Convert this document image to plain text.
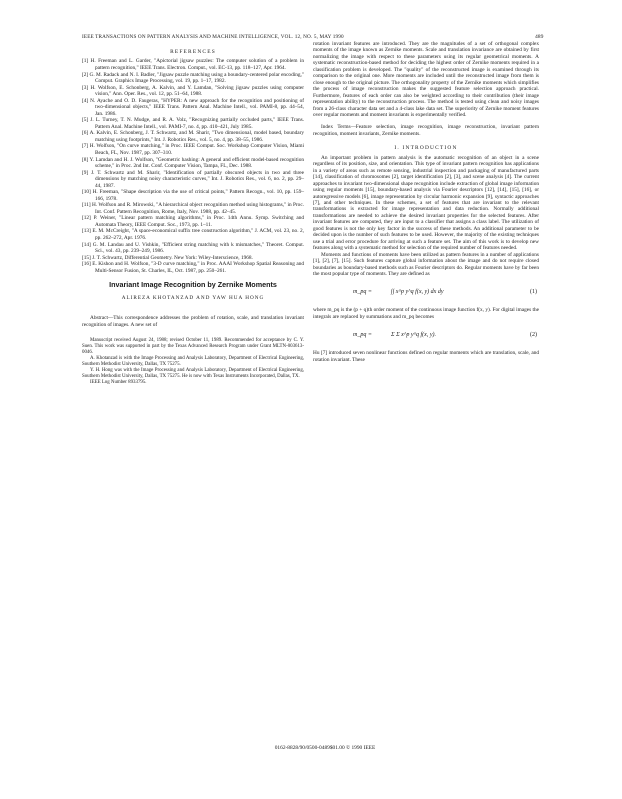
IEEE TRANSACTIONS ON PATTERN ANALYSIS AND MACHINE INTELLIGENCE, VOL. 12, NO. 5, MAY 1990	489
REFERENCES

[1] H. Freeman and L. Garder, "Apictorial jigsaw puzzles: The computer solution of a problem in pattern recognition," IEEE Trans. Electron. Comput., vol. EC-13, pp. 118–127, Apr. 1964.

[2] G. M. Radack and N. I. Badler, "Jigsaw puzzle matching using a boundary-centered polar encoding," Comput. Graphics Image Processing, vol. 19, pp. 1–17, 1982.

[3] H. Wolfson, E. Schonberg, A. Kalvin, and Y. Lamdan, "Solving jigsaw puzzles using computer vision," Ann. Oper. Res., vol. 12, pp. 51–64, 1988.

[4] N. Ayache and O. D. Faugeras, "HYPER: A new approach for the recognition and positioning of two-dimensional objects," IEEE Trans. Pattern Anal. Machine Intell., vol. PAMI-8, pp. 44–54, Jan. 1986.

[5] J. L. Turney, T. N. Mudge, and R. A. Volz, "Recognizing partially occluded parts," IEEE Trans. Pattern Anal. Machine Intell., vol. PAMI-7, no. 4, pp. 410–421, July 1985.

[6] A. Kalvin, E. Schonberg, J. T. Schwartz, and M. Sharir, "Two dimensional, model based, boundary matching using footprints," Int. J. Robotics Res., vol. 5, no. 4, pp. 38–55, 1986.

[7] H. Wolfson, "On curve matching," in Proc. IEEE Comput. Soc. Workshop Computer Vision, Miami Beach, FL, Nov. 1987, pp. 307–310.

[8] Y. Lamdan and H. J. Wolfson, "Geometric hashing: A general and efficient model-based recognition scheme," in Proc. 2nd Int. Conf. Computer Vision, Tampa, FL, Dec. 1988.

[9] J. T. Schwartz and M. Sharir, "Identification of partially obscured objects in two and three dimensions by matching noisy characteristic curves," Int. J. Robotics Res., vol. 6, no. 2, pp. 29–44, 1987.

[10] H. Freeman, "Shape description via the use of critical points," Pattern Recogn., vol. 10, pp. 159–166, 1978.

[11] H. Wolfson and R. Mirowski, "A hierarchical object recognition method using histograms," in Proc. Int. Conf. Pattern Recognition, Rome, Italy, Nov. 1988, pp. 42–45.

[12] P. Weiner, "Linear pattern matching algorithms," in Proc. 14th Annu. Symp. Switching and Automata Theory, IEEE Comput. Soc., 1973, pp. 1–11.

[13] E. M. McCreight, "A space-economical suffix tree construction algorithm," J. ACM, vol. 23, no. 2, pp. 262–272, Apr. 1976.

[14] G. M. Landau and U. Vishkin, "Efficient string matching with k mismatches," Theoret. Comput. Sci., vol. 43, pp. 239–249, 1986.

[15] J. T. Schwartz, Differential Geometry. New York: Wiley-Interscience, 1968.

[16] E. Kishon and H. Wolfson, "3-D curve matching," in Proc. AAAI Workshop Spatial Reasoning and Multi-Sensor Fusion, St. Charles, IL, Oct. 1987, pp. 250–261.

Invariant Image Recognition by Zernike Moments
ALIREZA KHOTANZAD AND YAW HUA HONG

Abstract—This correspondence addresses the problem of rotation, scale, and translation invariant recognition of images. A new set of

Manuscript received August 24, 1988; revised October 11, 1989. Recommended for acceptance by C. Y. Suen. This work was supported in part by the Texas Advanced Research Program under Grant MLTN-003613-0046.

A. Khotanzad is with the Image Processing and Analysis Laboratory, Department of Electrical Engineering, Southern Methodist University, Dallas, TX 75275.

Y. H. Hong was with the Image Processing and Analysis Laboratory, Department of Electrical Engineering, Southern Methodist University, Dallas, TX 75275. He is now with Texas Instruments Incorporated, Dallas, TX.

IEEE Log Number 8933795.

rotation invariant features are introduced. They are the magnitudes of a set of orthogonal complex moments of the image known as Zernike moments. Scale and translation invariance are obtained by first normalizing the image with respect to these parameters using its regular geometrical moments. A systematic reconstruction-based method for deciding the highest order of Zernike moments required in a classification problem is developed. The "quality" of the reconstructed image is examined through its comparison to the original one. More moments are included until the reconstructed image from them is close enough to the original picture. The orthogonality property of the Zernike moments which simplifies the process of image reconstruction makes the suggested feature selection approach practical. Furthermore, features of each order can also be weighted according to their contribution (their image representation ability) to the reconstruction process. The method is tested using clean and noisy images from a 26-class character data set and a 4-class lake data set. The superiority of Zernike moment features over regular moments and moment invariants is experimentally verified.

Index Terms—Feature selection, image recognition, image reconstruction, invariant pattern recognition, moment invariants, Zernike moments.

I. INTRODUCTION

An important problem in pattern analysis is the automatic recognition of an object in a scene regardless of its position, size, and orientation. This type of invariant pattern recognition has applications in a variety of areas such as remote sensing, industrial inspection and packaging of manufactured parts [14], classification of chromosomes [2], target identification [2], [3], and scene analysis [4]. The current approaches to invariant two-dimensional shape recognition include extraction of global image information using regular moments [15], boundary-based analysis via Fourier descriptors [12], [14], [15], [16], or autoregressive models [6], image representation by circular harmonic expansion [9], syntactic approaches [7], and other techniques. In these schemes, a set of features that are invariant to the relevant transformations is extracted for image representation and data reduction. Normally additional transformations are needed to achieve the desired invariant properties for the selected features. After invariant features are computed, they are input to a classifier that assigns a class label. The utilization of good features is not the only key factor in the success of these methods. An additional parameter to be decided upon is the number of such features to be used. However, the majority of the existing techniques use a trial and error procedure for arriving at such a feature set. The aim of this work is to develop new features along with a systematic method for selection of the required number of features needed.

Moments and functions of moments have been utilized as pattern features in a number of applications [1], [2], [7], [15]. Such features capture global information about the image and do not require closed boundaries as boundary-based methods such as Fourier descriptors do. Regular moments have by far been the most popular type of moments. They are defined as

m_pq =	∫∫ x^p y^q f(x, y) dx dy	(1)

where m_pq is the (p + q)th order moment of the continuous image function f(x, y). For digital images the integrals are replaced by summations and m_pq becomes

m_pq =	Σ Σ x^p y^q f(x, y).	(2)

Hu [7] introduced seven nonlinear functions defined on regular moments which are translation, scale, and rotation invariant. These

0162-8828/90/0500-0489$01.00 © 1990 IEEE
